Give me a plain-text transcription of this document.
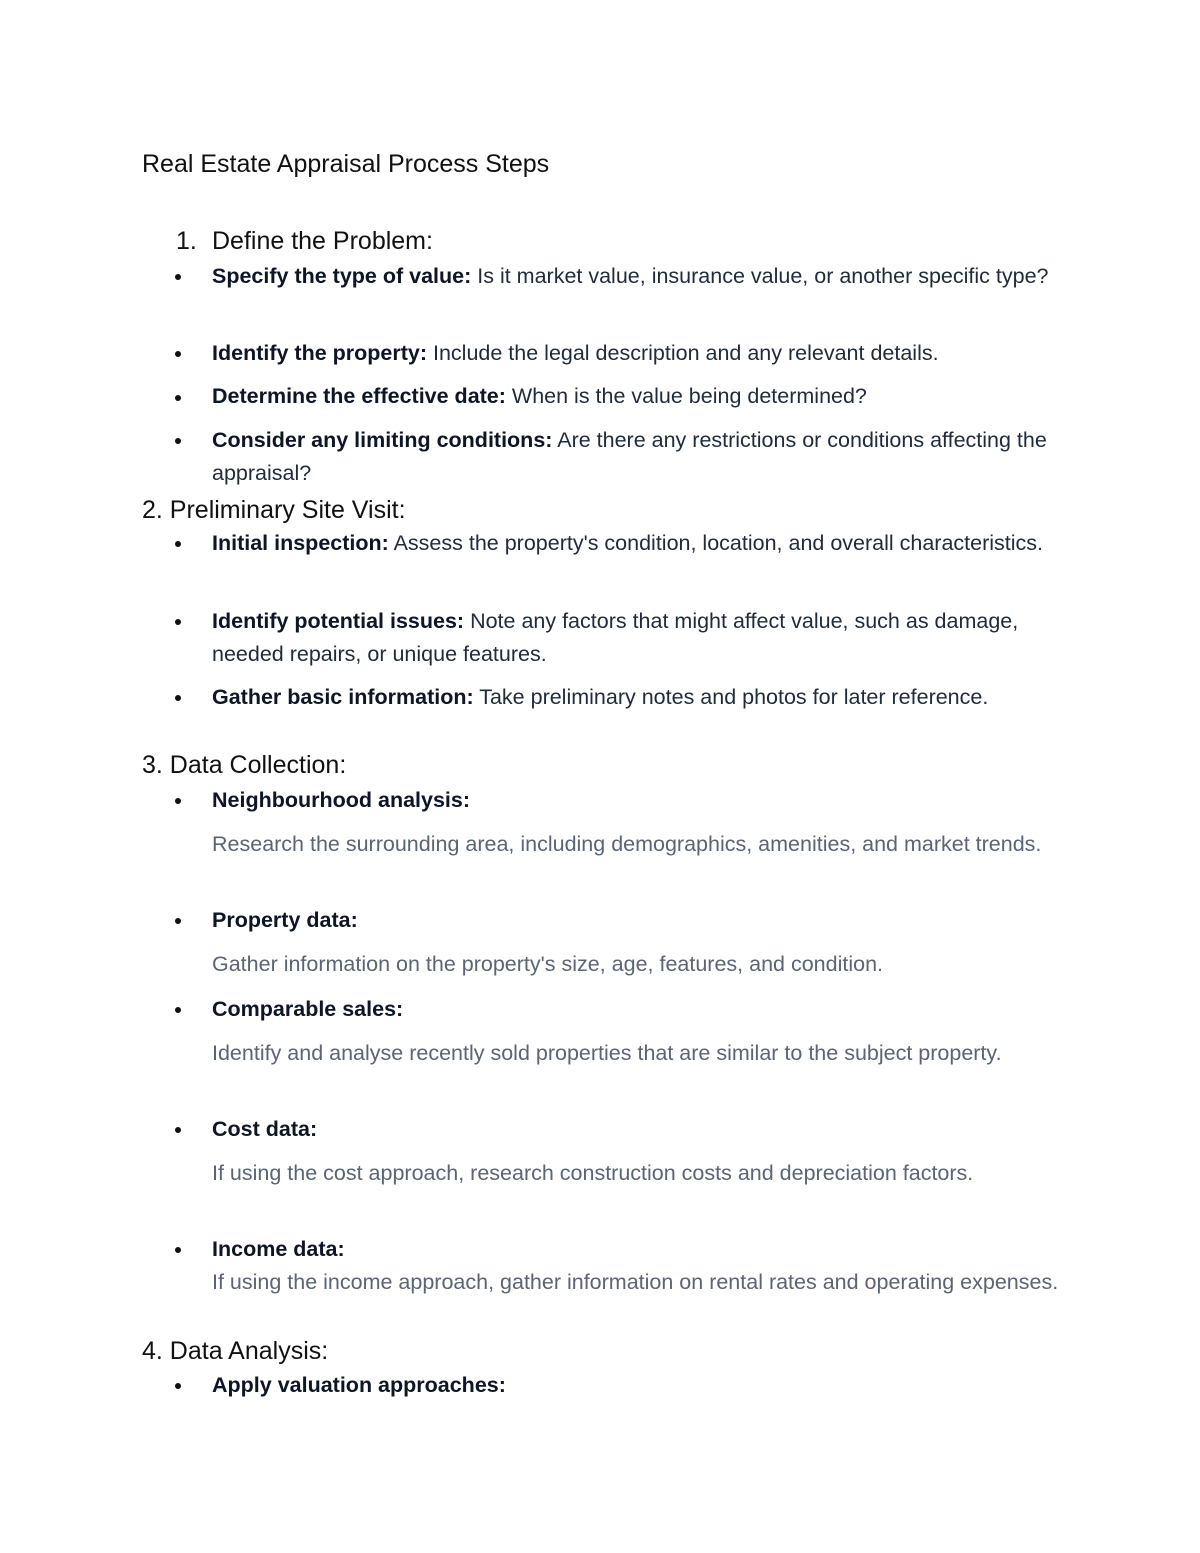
Real Estate Appraisal Process Steps
1. Define the Problem:
Specify the type of value: Is it market value, insurance value, or another specific type?
Identify the property: Include the legal description and any relevant details.
Determine the effective date: When is the value being determined?
Consider any limiting conditions: Are there any restrictions or conditions affecting the appraisal?
2. Preliminary Site Visit:
Initial inspection: Assess the property's condition, location, and overall characteristics.
Identify potential issues: Note any factors that might affect value, such as damage, needed repairs, or unique features.
Gather basic information: Take preliminary notes and photos for later reference.
3. Data Collection:
Neighbourhood analysis:
Research the surrounding area, including demographics, amenities, and market trends.
Property data:
Gather information on the property's size, age, features, and condition.
Comparable sales:
Identify and analyse recently sold properties that are similar to the subject property.
Cost data:
If using the cost approach, research construction costs and depreciation factors.
Income data:
If using the income approach, gather information on rental rates and operating expenses.
4. Data Analysis:
Apply valuation approaches:
